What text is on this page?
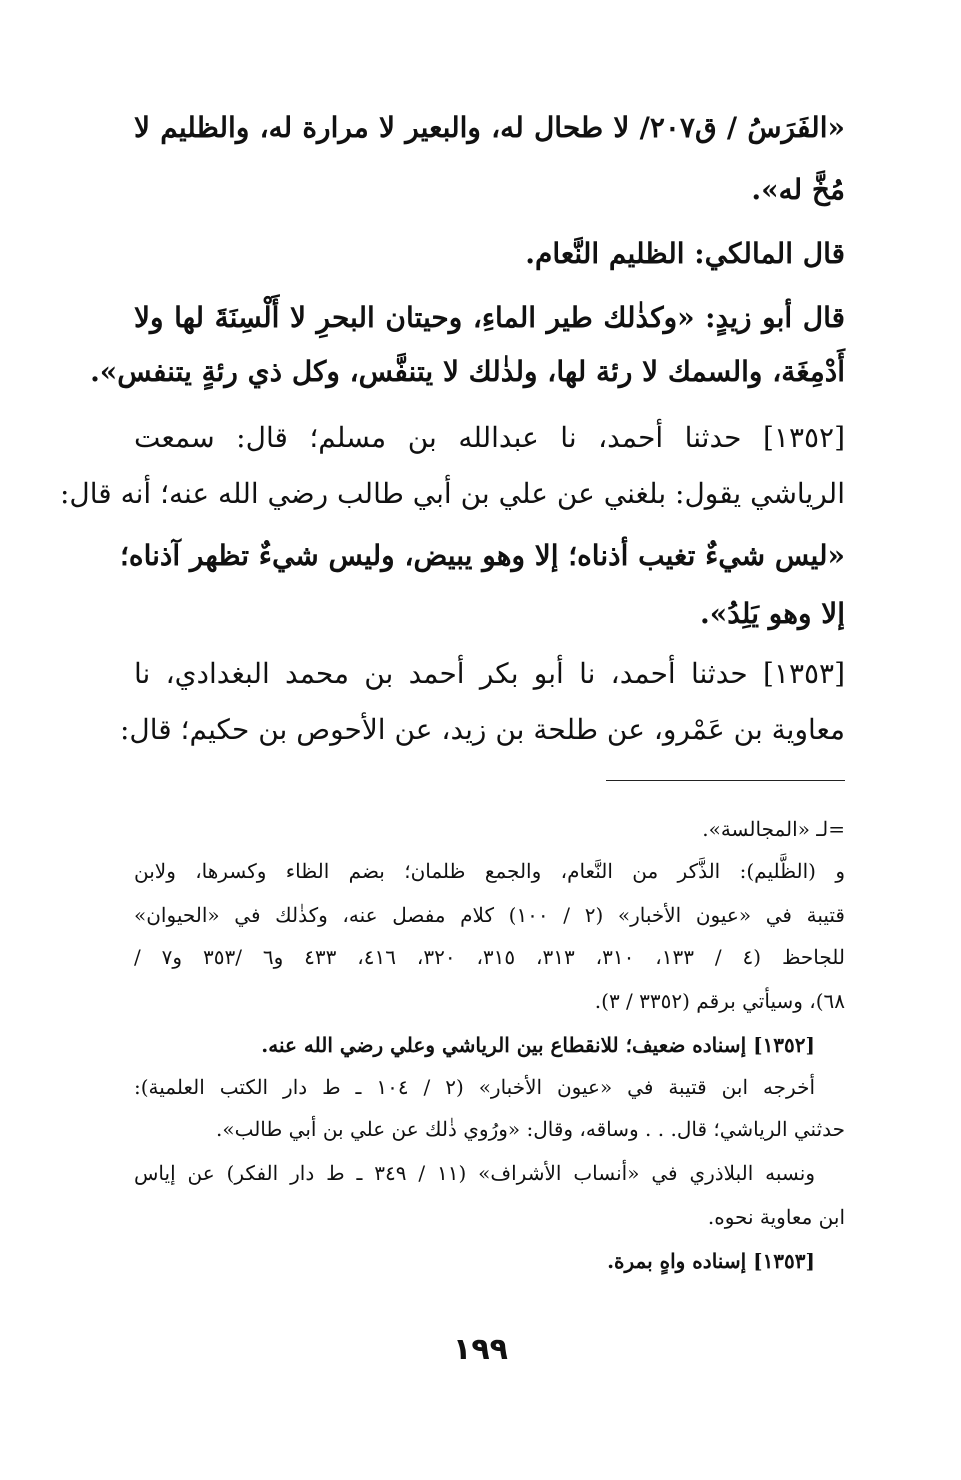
«الفَرَسُ / ق٢٠٧/ لا طحال له، والبعير لا مرارة له، والظليم لا
مُخَّ له».
قال المالكي: الظليم النَّعام.
قال أبو زيدٍ: «وكذٰلك طير الماءِ، وحيتان البحرِ لا أَلْسِنَةَ لها ولا
أَدْمِغَة، والسمك لا رئة لها، ولذٰلك لا يتنفَّس، وكل ذي رئةٍ يتنفس».
[١٣٥٢] حدثنا أحمد، نا عبدالله بن مسلم؛ قال: سمعت
الرياشي يقول: بلغني عن علي بن أبي طالب رضي الله عنه؛ أنه قال:
«ليس شيءٌ تغيب أذناه؛ إلا وهو يبيض، وليس شيءٌ تظهر آذناه؛
إلا وهو يَلِدُ».
[١٣٥٣] حدثنا أحمد، نا أبو بكر أحمد بن محمد البغدادي، نا
معاوية بن عَمْرو، عن طلحة بن زيد، عن الأحوص بن حكيم؛ قال:
=لـ «المجالسة».
و (الظَّليم): الذَّكر من النَّعام، والجمع ظلمان؛ بضم الظاء وكسرها، ولابن
قتيبة في «عيون الأخبار» (٢ / ١٠٠) كلام مفصل عنه، وكذٰلك في «الحيوان»
للجاحظ (٤ / ١٣٣، ٣١٠، ٣١٣، ٣١٥، ٣٢٠، ٤١٦، ٤٣٣ و٦ /٣٥٣ و٧ /
٦٨)، وسيأتي برقم (٣٣٥٢ / ٣).
[١٣٥٢] إسناده ضعيف؛ للانقطاع بين الرياشي وعلي رضي الله عنه.
أخرجه ابن قتيبة في «عيون الأخبار» (٢ / ١٠٤ ـ ط دار الكتب العلمية):
حدثني الرياشي؛ قال. . . وساقه، وقال: «ورُوي ذٰلك عن علي بن أبي طالب».
ونسبه البلاذري في «أنساب الأشراف» (١١ / ٣٤٩ ـ ط دار الفكر) عن إياس
ابن معاوية نحوه.
[١٣٥٣] إسناده واهٍ بمرة.
١٩٩
